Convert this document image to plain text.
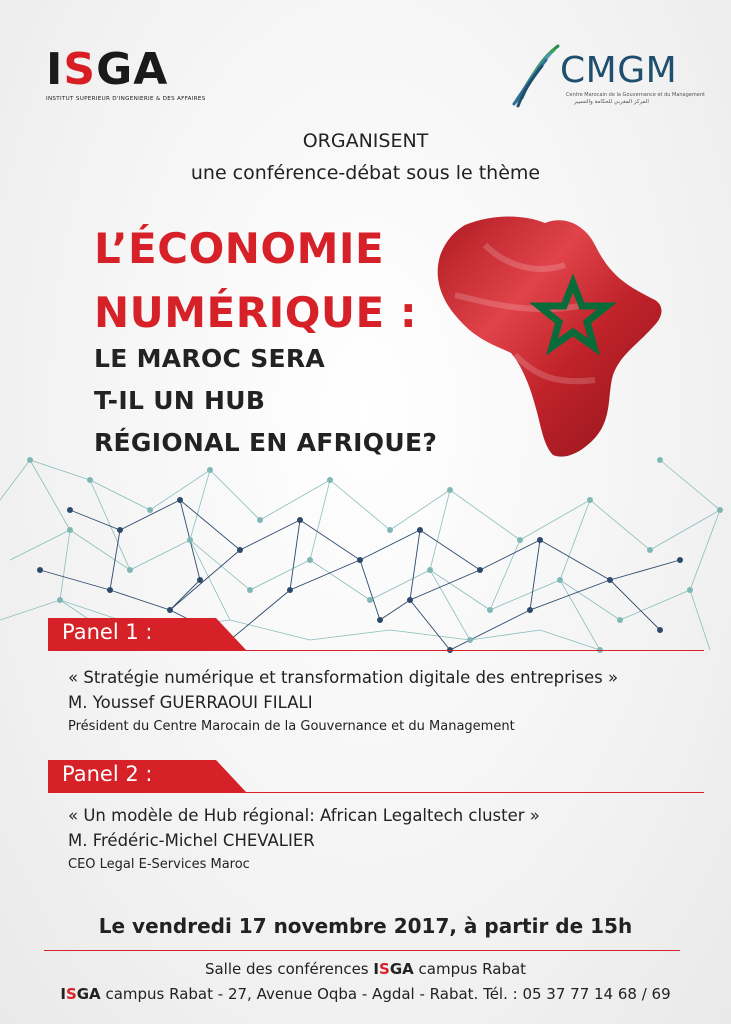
ISGA
INSTITUT SUPERIEUR D'INGENIERIE & DES AFFAIRES
CMGM
Centre Marocain de la Gouvernance et du Management
المركز المغربي للحكامة والتسيير
ORGANISENT
une conférence-débat sous le thème
L’ÉCONOMIE
NUMÉRIQUE :
LE MAROC SERA
T-IL UN HUB
RÉGIONAL EN AFRIQUE?
Panel 1 :
« Stratégie numérique et transformation digitale des entreprises »
M. Youssef GUERRAOUI FILALI
Président du Centre Marocain de la Gouvernance et du Management
Panel 2 :
« Un modèle de Hub régional: African Legaltech cluster »
M. Frédéric-Michel CHEVALIER
CEO Legal E-Services Maroc
Le vendredi 17 novembre 2017, à partir de 15h
Salle des conférences ISGA campus Rabat
ISGA campus Rabat - 27, Avenue Oqba - Agdal - Rabat. Tél. : 05 37 77 14 68 / 69
